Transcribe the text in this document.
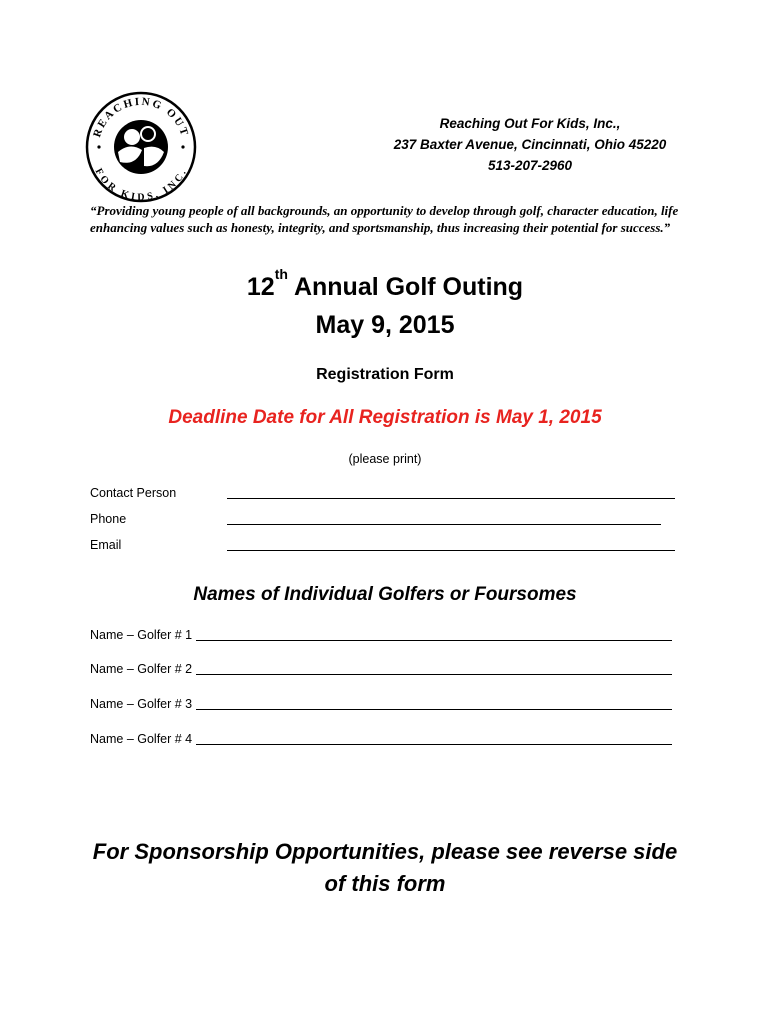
REACHING OUT
FOR KIDS, INC.
Reaching Out For Kids, Inc.,
237 Baxter Avenue, Cincinnati, Ohio 45220
513-207-2960
“Providing young people of all backgrounds, an opportunity to develop through golf, character education, life enhancing values such as honesty, integrity, and sportsmanship, thus increasing their potential for success.”
12th Annual Golf Outing
May 9, 2015
Registration Form
Deadline Date for All Registration is May 1, 2015
(please print)
Contact Person
Phone
Email
Names of Individual Golfers or Foursomes
Name – Golfer # 1
Name – Golfer # 2
Name – Golfer # 3
Name – Golfer # 4
For Sponsorship Opportunities, please see reverse side
of this form
